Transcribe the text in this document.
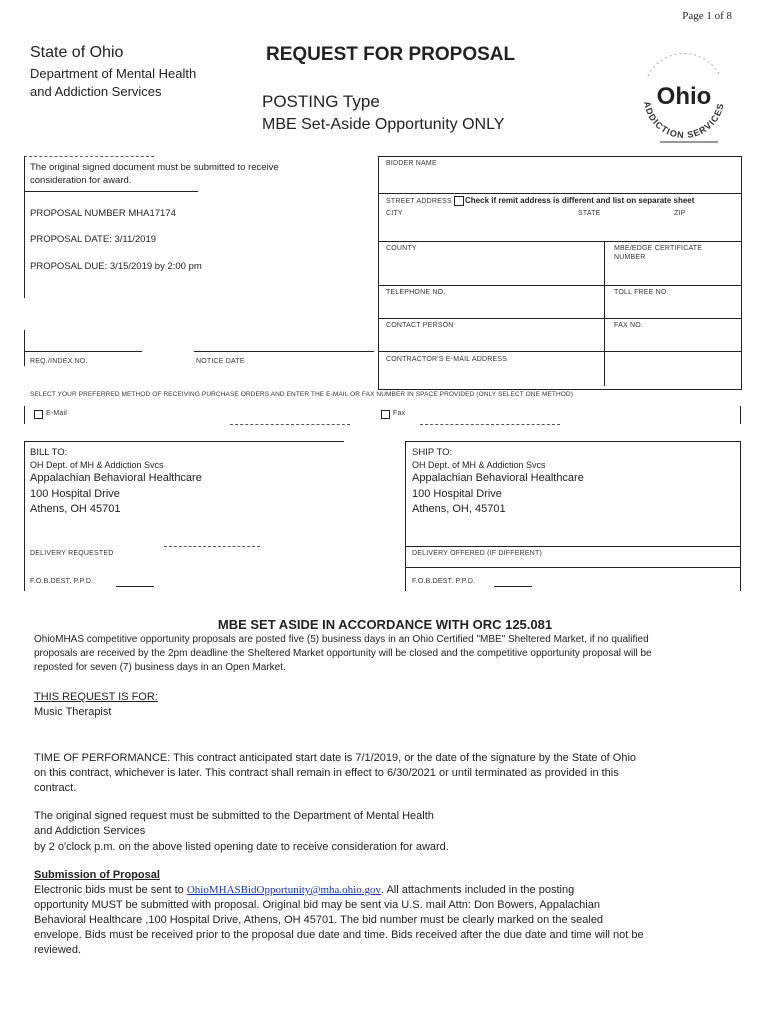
Page 1 of 8
State of Ohio
Department of Mental Health
and Addiction Services
REQUEST FOR PROPOSAL
POSTING Type
MBE Set-Aside Opportunity ONLY
Ohio
ADDICTION SERVICES
The original signed document must be submitted to receive
consideration for award.
PROPOSAL NUMBER MHA17174
PROPOSAL DATE: 3/11/2019
PROPOSAL DUE: 3/15/2019 by 2:00 pm
REQ./INDEX NO.	NOTICE DATE
BIDDER NAME
STREET ADDRESS Check if remit address is different and list on separate sheet
CITY	STATE	ZIP
COUNTY	MBE/EDGE CERTIFICATE
NUMBER
TELEPHONE NO.	TOLL FREE NO.
CONTACT PERSON	FAX NO.
CONTRACTOR'S E-MAIL ADDRESS
SELECT YOUR PREFERRED METHOD OF RECEIVING PURCHASE ORDERS AND ENTER THE E-MAIL OR FAX NUMBER IN SPACE PROVIDED (ONLY SELECT ONE METHOD)
E-Mail	Fax
BILL TO:
OH Dept. of MH & Addiction Svcs
Appalachian Behavioral Healthcare
100 Hospital Drive
Athens, OH 45701
SHIP TO:
OH Dept. of MH & Addiction Svcs
Appalachian Behavioral Healthcare
100 Hospital Drive
Athens, OH, 45701
DELIVERY REQUESTED	DELIVERY OFFERED (IF DIFFERENT)
F.O.B.DEST. P.P.D.	F.O.B.DEST. P.P.D.
MBE SET ASIDE IN ACCORDANCE WITH ORC 125.081
OhioMHAS competitive opportunity proposals are posted five (5) business days in an Ohio Certified "MBE" Sheltered Market, if no qualified
proposals are received by the 2pm deadline the Sheltered Market opportunity will be closed and the competitive opportunity proposal will be
reposted for seven (7) business days in an Open Market.
THIS REQUEST IS FOR:
Music Therapist
TIME OF PERFORMANCE: This contract anticipated start date is 7/1/2019, or the date of the signature by the State of Ohio
on this contract, whichever is later. This contract shall remain in effect to 6/30/2021 or until terminated as provided in this
contract.
The original signed request must be submitted to the Department of Mental Health
and Addiction Services
by 2 o'clock p.m. on the above listed opening date to receive consideration for award.
Submission of Proposal
Electronic bids must be sent to OhioMHASBidOpportunity@mha.ohio.gov. All attachments included in the posting
opportunity MUST be submitted with proposal. Original bid may be sent via U.S. mail Attn: Don Bowers, Appalachian
Behavioral Healthcare ,100 Hospital Drive, Athens, OH 45701. The bid number must be clearly marked on the sealed
envelope. Bids must be received prior to the proposal due date and time. Bids received after the due date and time will not be
reviewed.
